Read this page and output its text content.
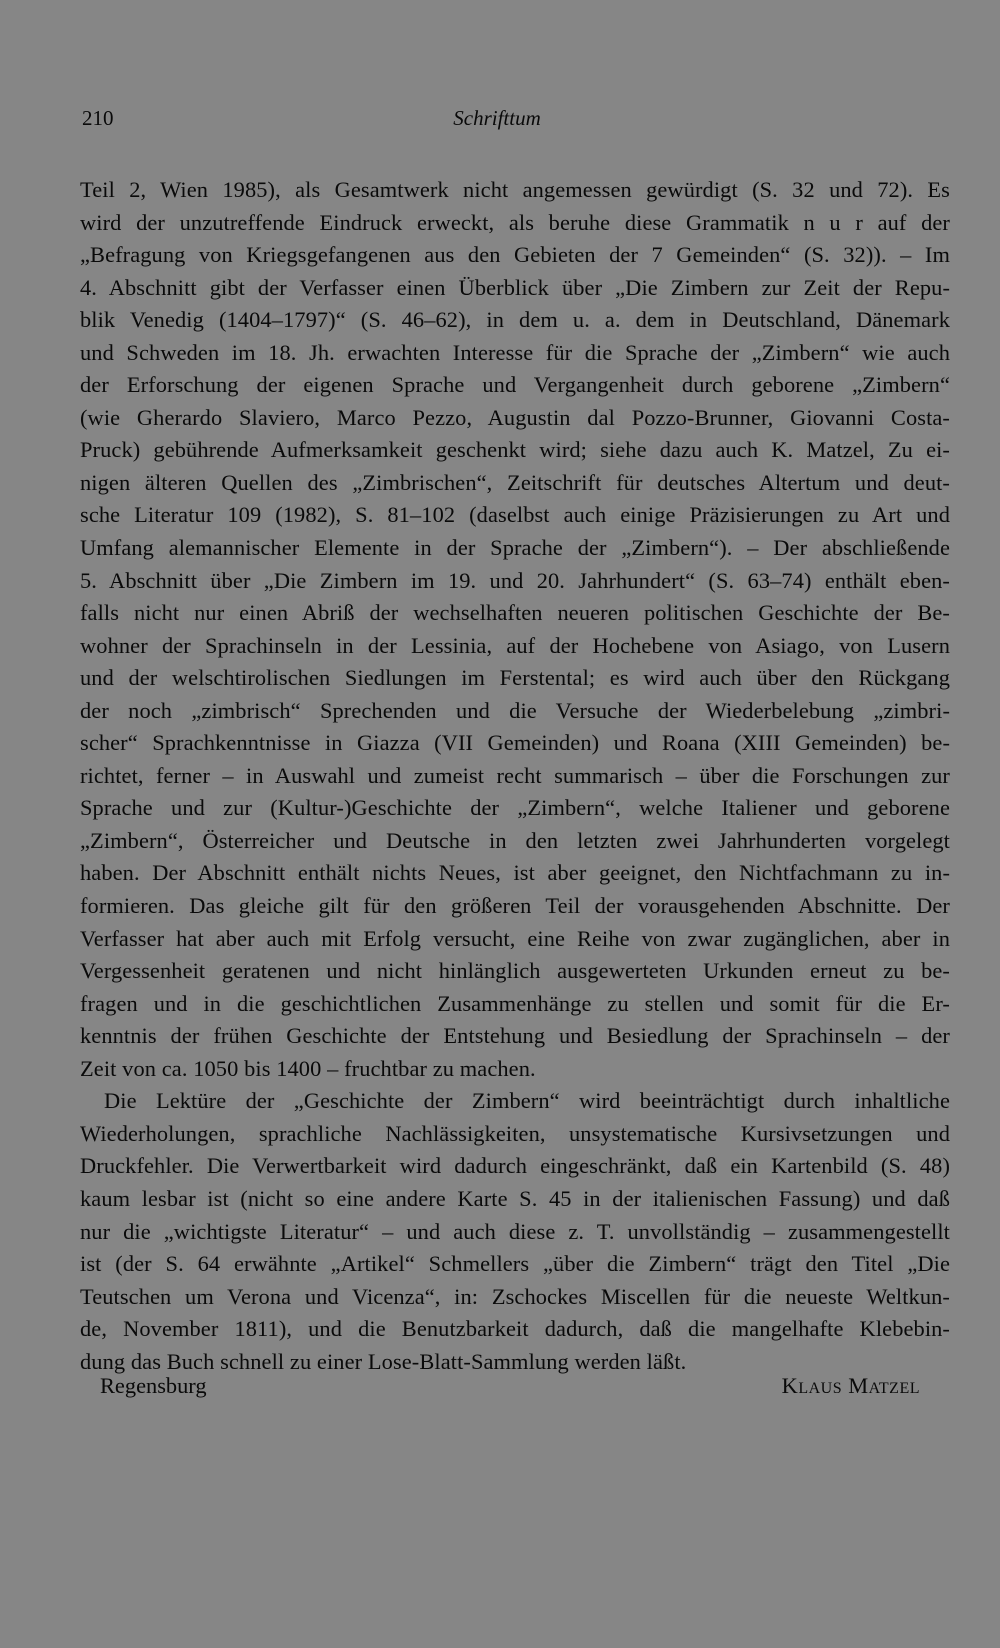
210	Schrifttum
Teil 2, Wien 1985), als Gesamtwerk nicht angemessen gewürdigt (S. 32 und 72). Es
wird der unzutreffende Eindruck erweckt, als beruhe diese Grammatik n u r auf der
„Befragung von Kriegsgefangenen aus den Gebieten der 7 Gemeinden“ (S. 32)). – Im
4. Abschnitt gibt der Verfasser einen Überblick über „Die Zimbern zur Zeit der Repu-
blik Venedig (1404–1797)“ (S. 46–62), in dem u. a. dem in Deutschland, Dänemark
und Schweden im 18. Jh. erwachten Interesse für die Sprache der „Zimbern“ wie auch
der Erforschung der eigenen Sprache und Vergangenheit durch geborene „Zimbern“
(wie Gherardo Slaviero, Marco Pezzo, Augustin dal Pozzo-Brunner, Giovanni Costa-
Pruck) gebührende Aufmerksamkeit geschenkt wird; siehe dazu auch K. Matzel, Zu ei-
nigen älteren Quellen des „Zimbrischen“, Zeitschrift für deutsches Altertum und deut-
sche Literatur 109 (1982), S. 81–102 (daselbst auch einige Präzisierungen zu Art und
Umfang alemannischer Elemente in der Sprache der „Zimbern“). – Der abschließende
5. Abschnitt über „Die Zimbern im 19. und 20. Jahrhundert“ (S. 63–74) enthält eben-
falls nicht nur einen Abriß der wechselhaften neueren politischen Geschichte der Be-
wohner der Sprachinseln in der Lessinia, auf der Hochebene von Asiago, von Lusern
und der welschtirolischen Siedlungen im Ferstental; es wird auch über den Rückgang
der noch „zimbrisch“ Sprechenden und die Versuche der Wiederbelebung „zimbri-
scher“ Sprachkenntnisse in Giazza (VII Gemeinden) und Roana (XIII Gemeinden) be-
richtet, ferner – in Auswahl und zumeist recht summarisch – über die Forschungen zur
Sprache und zur (Kultur-)Geschichte der „Zimbern“, welche Italiener und geborene
„Zimbern“, Österreicher und Deutsche in den letzten zwei Jahrhunderten vorgelegt
haben. Der Abschnitt enthält nichts Neues, ist aber geeignet, den Nichtfachmann zu in-
formieren. Das gleiche gilt für den größeren Teil der vorausgehenden Abschnitte. Der
Verfasser hat aber auch mit Erfolg versucht, eine Reihe von zwar zugänglichen, aber in
Vergessenheit geratenen und nicht hinlänglich ausgewerteten Urkunden erneut zu be-
fragen und in die geschichtlichen Zusammenhänge zu stellen und somit für die Er-
kenntnis der frühen Geschichte der Entstehung und Besiedlung der Sprachinseln – der
Zeit von ca. 1050 bis 1400 – fruchtbar zu machen.
Die Lektüre der „Geschichte der Zimbern“ wird beeinträchtigt durch inhaltliche
Wiederholungen, sprachliche Nachlässigkeiten, unsystematische Kursivsetzungen und
Druckfehler. Die Verwertbarkeit wird dadurch eingeschränkt, daß ein Kartenbild (S. 48)
kaum lesbar ist (nicht so eine andere Karte S. 45 in der italienischen Fassung) und daß
nur die „wichtigste Literatur“ – und auch diese z. T. unvollständig – zusammengestellt
ist (der S. 64 erwähnte „Artikel“ Schmellers „über die Zimbern“ trägt den Titel „Die
Teutschen um Verona und Vicenza“, in: Zschockes Miscellen für die neueste Weltkun-
de, November 1811), und die Benutzbarkeit dadurch, daß die mangelhafte Klebebin-
dung das Buch schnell zu einer Lose-Blatt-Sammlung werden läßt.
Regensburg	Klaus Matzel
